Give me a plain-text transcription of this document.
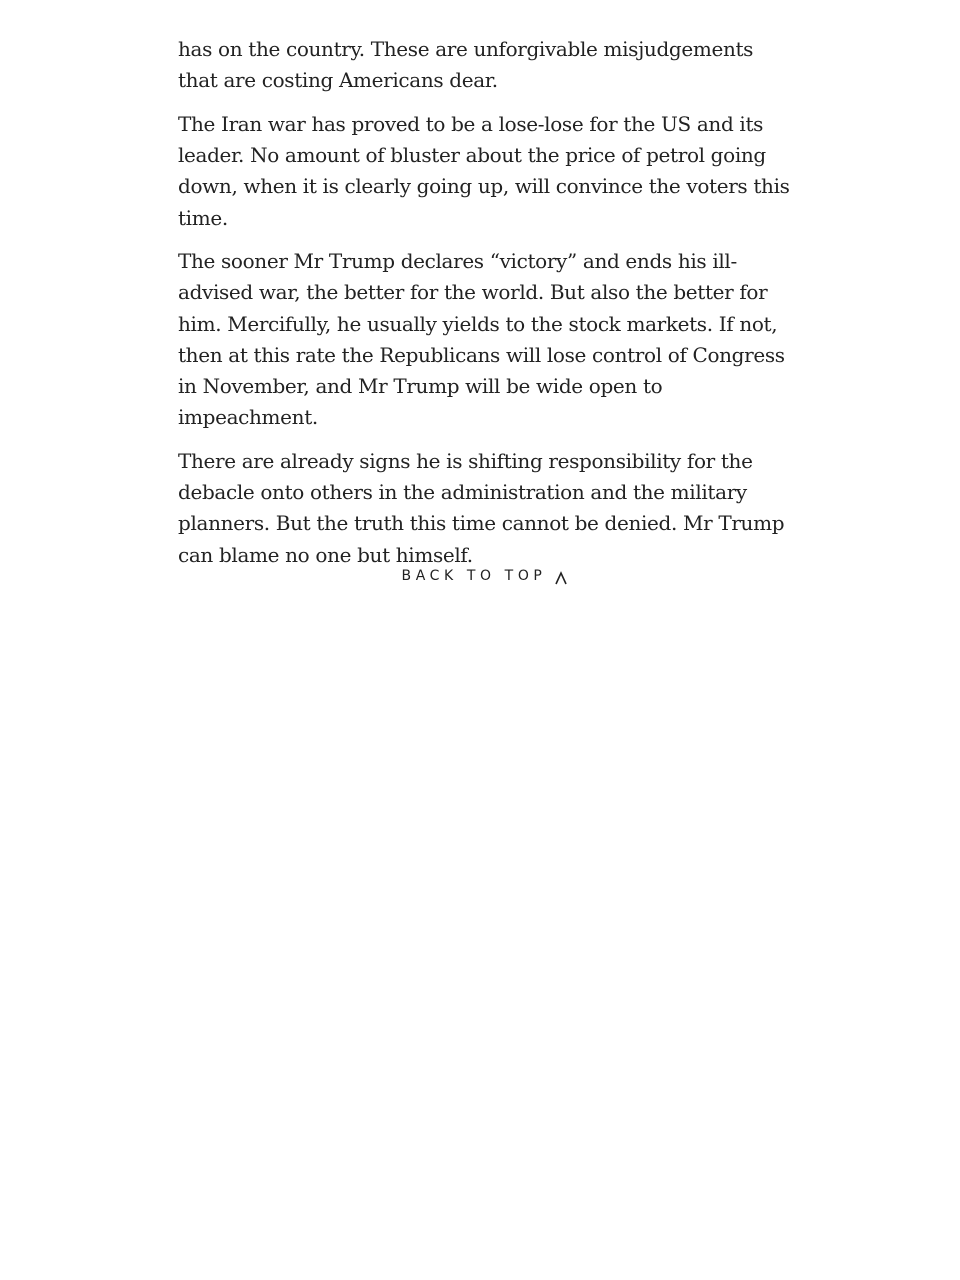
has on the country. These are unforgivable misjudgements that are costing Americans dear.

The Iran war has proved to be a lose-lose for the US and its leader. No amount of bluster about the price of petrol going down, when it is clearly going up, will convince the voters this time.

The sooner Mr Trump declares “victory” and ends his ill-advised war, the better for the world. But also the better for him. Mercifully, he usually yields to the stock markets. If not, then at this rate the Republicans will lose control of Congress in November, and Mr Trump will be wide open to impeachment.

There are already signs he is shifting responsibility for the debacle onto others in the administration and the military planners. But the truth this time cannot be denied. Mr Trump can blame no one but himself.

BACK TO TOP
